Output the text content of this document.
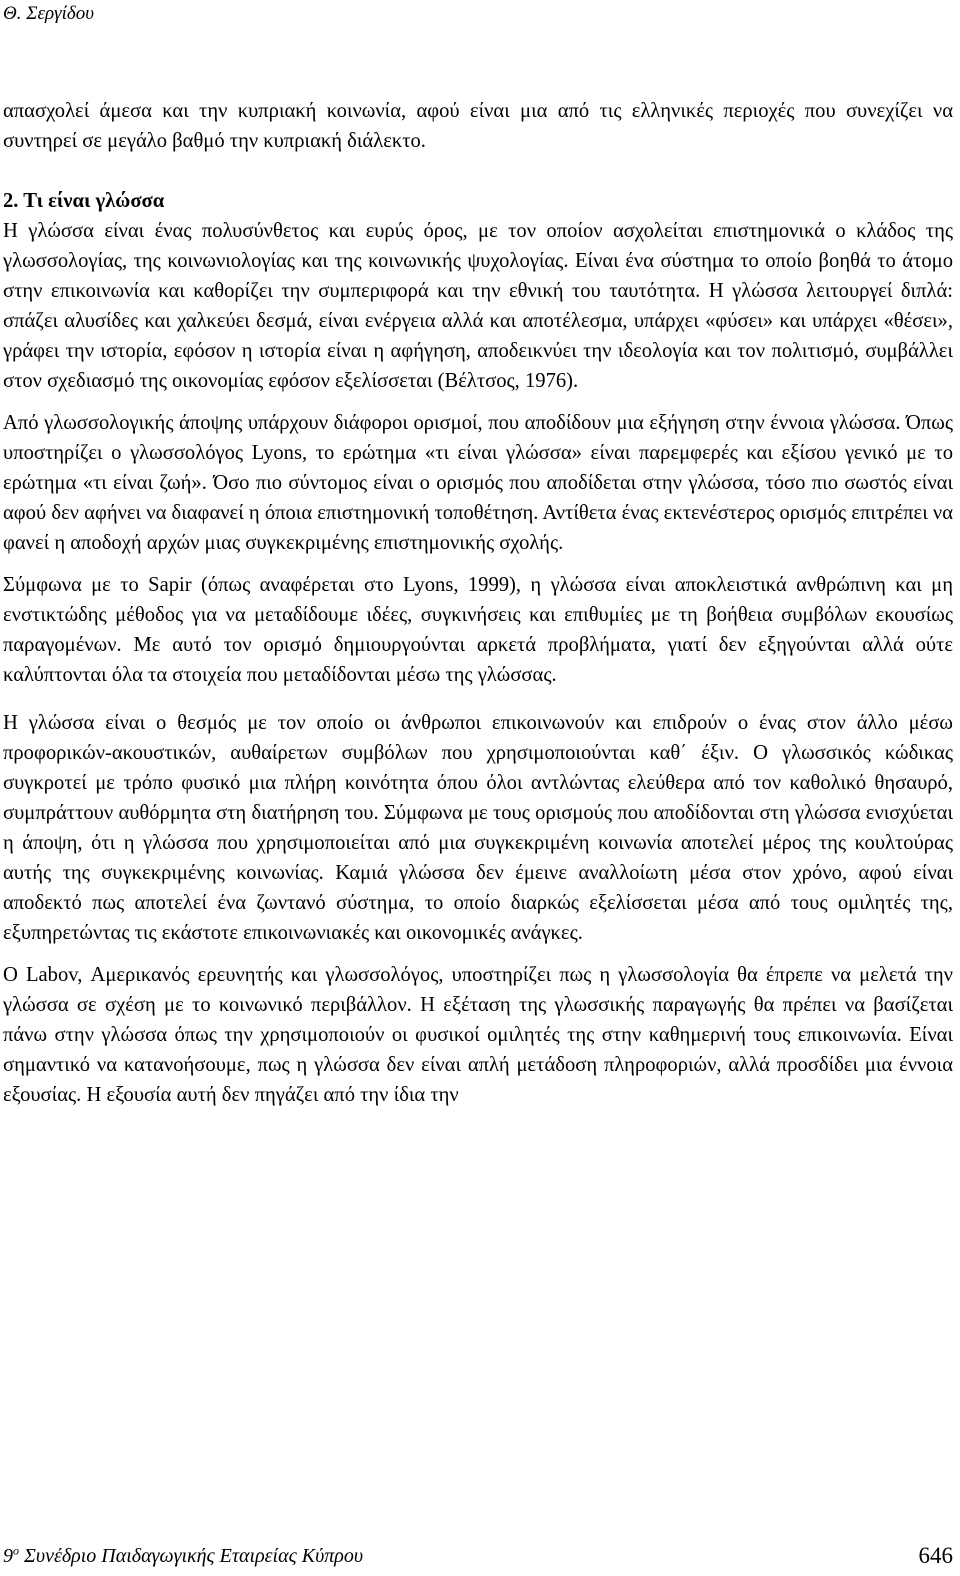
Θ. Σεργίδου

απασχολεί άμεσα και την κυπριακή κοινωνία, αφού είναι μια από τις ελληνικές περιοχές που συνεχίζει να συντηρεί σε μεγάλο βαθμό την κυπριακή διάλεκτο.

2. Τι είναι γλώσσα

Η γλώσσα είναι ένας πολυσύνθετος και ευρύς όρος, με τον οποίον ασχολείται επιστημονικά ο κλάδος της γλωσσολογίας, της κοινωνιολογίας και της κοινωνικής ψυχολογίας. Είναι ένα σύστημα το οποίο βοηθά το άτομο στην επικοινωνία και καθορίζει την συμπεριφορά και την εθνική του ταυτότητα. Η γλώσσα λειτουργεί διπλά: σπάζει αλυσίδες και χαλκεύει δεσμά, είναι ενέργεια αλλά και αποτέλεσμα, υπάρχει «φύσει» και υπάρχει «θέσει», γράφει την ιστορία, εφόσον η ιστορία είναι η αφήγηση, αποδεικνύει την ιδεολογία και τον πολιτισμό, συμβάλλει στον σχεδιασμό της οικονομίας εφόσον εξελίσσεται (Βέλτσος, 1976).

Από γλωσσολογικής άποψης υπάρχουν διάφοροι ορισμοί, που αποδίδουν μια εξήγηση στην έννοια γλώσσα. Όπως υποστηρίζει ο γλωσσολόγος Lyons, το ερώτημα «τι είναι γλώσσα» είναι παρεμφερές και εξίσου γενικό με το ερώτημα «τι είναι ζωή». Όσο πιο σύντομος είναι ο ορισμός που αποδίδεται στην γλώσσα, τόσο πιο σωστός είναι αφού δεν αφήνει να διαφανεί η όποια επιστημονική τοποθέτηση. Αντίθετα ένας εκτενέστερος ορισμός επιτρέπει να φανεί η αποδοχή αρχών μιας συγκεκριμένης επιστημονικής σχολής.

Σύμφωνα με το Sapir (όπως αναφέρεται στο Lyons, 1999), η γλώσσα είναι αποκλειστικά ανθρώπινη και μη ενστικτώδης μέθοδος για να μεταδίδουμε ιδέες, συγκινήσεις και επιθυμίες με τη βοήθεια συμβόλων εκουσίως παραγομένων. Με αυτό τον ορισμό δημιουργούνται αρκετά προβλήματα, γιατί δεν εξηγούνται αλλά ούτε καλύπτονται όλα τα στοιχεία που μεταδίδονται μέσω της γλώσσας.

Η γλώσσα είναι ο θεσμός με τον οποίο οι άνθρωποι επικοινωνούν και επιδρούν ο ένας στον άλλο μέσω προφορικών-ακουστικών, αυθαίρετων συμβόλων που χρησιμοποιούνται καθ΄ έξιν. Ο γλωσσικός κώδικας συγκροτεί με τρόπο φυσικό μια πλήρη κοινότητα όπου όλοι αντλώντας ελεύθερα από τον καθολικό θησαυρό, συμπράττουν αυθόρμητα στη διατήρηση του. Σύμφωνα με τους ορισμούς που αποδίδονται στη γλώσσα ενισχύεται η άποψη, ότι η γλώσσα που χρησιμοποιείται από μια συγκεκριμένη κοινωνία αποτελεί μέρος της κουλτούρας αυτής της συγκεκριμένης κοινωνίας. Καμιά γλώσσα δεν έμεινε αναλλοίωτη μέσα στον χρόνο, αφού είναι αποδεκτό πως αποτελεί ένα ζωντανό σύστημα, το οποίο διαρκώς εξελίσσεται μέσα από τους ομιλητές της, εξυπηρετώντας τις εκάστοτε επικοινωνιακές και οικονομικές ανάγκες.

Ο Labov, Αμερικανός ερευνητής και γλωσσολόγος, υποστηρίζει πως η γλωσσολογία θα έπρεπε να μελετά την γλώσσα σε σχέση με το κοινωνικό περιβάλλον. Η εξέταση της γλωσσικής παραγωγής θα πρέπει να βασίζεται πάνω στην γλώσσα όπως την χρησιμοποιούν οι φυσικοί ομιλητές της στην καθημερινή τους επικοινωνία. Είναι σημαντικό να κατανοήσουμε, πως η γλώσσα δεν είναι απλή μετάδοση πληροφοριών, αλλά προσδίδει μια έννοια εξουσίας. Η εξουσία αυτή δεν πηγάζει από την ίδια την

$9^o$ Συνέδριο Παιδαγωγικής Εταιρείας Κύπρου	646
